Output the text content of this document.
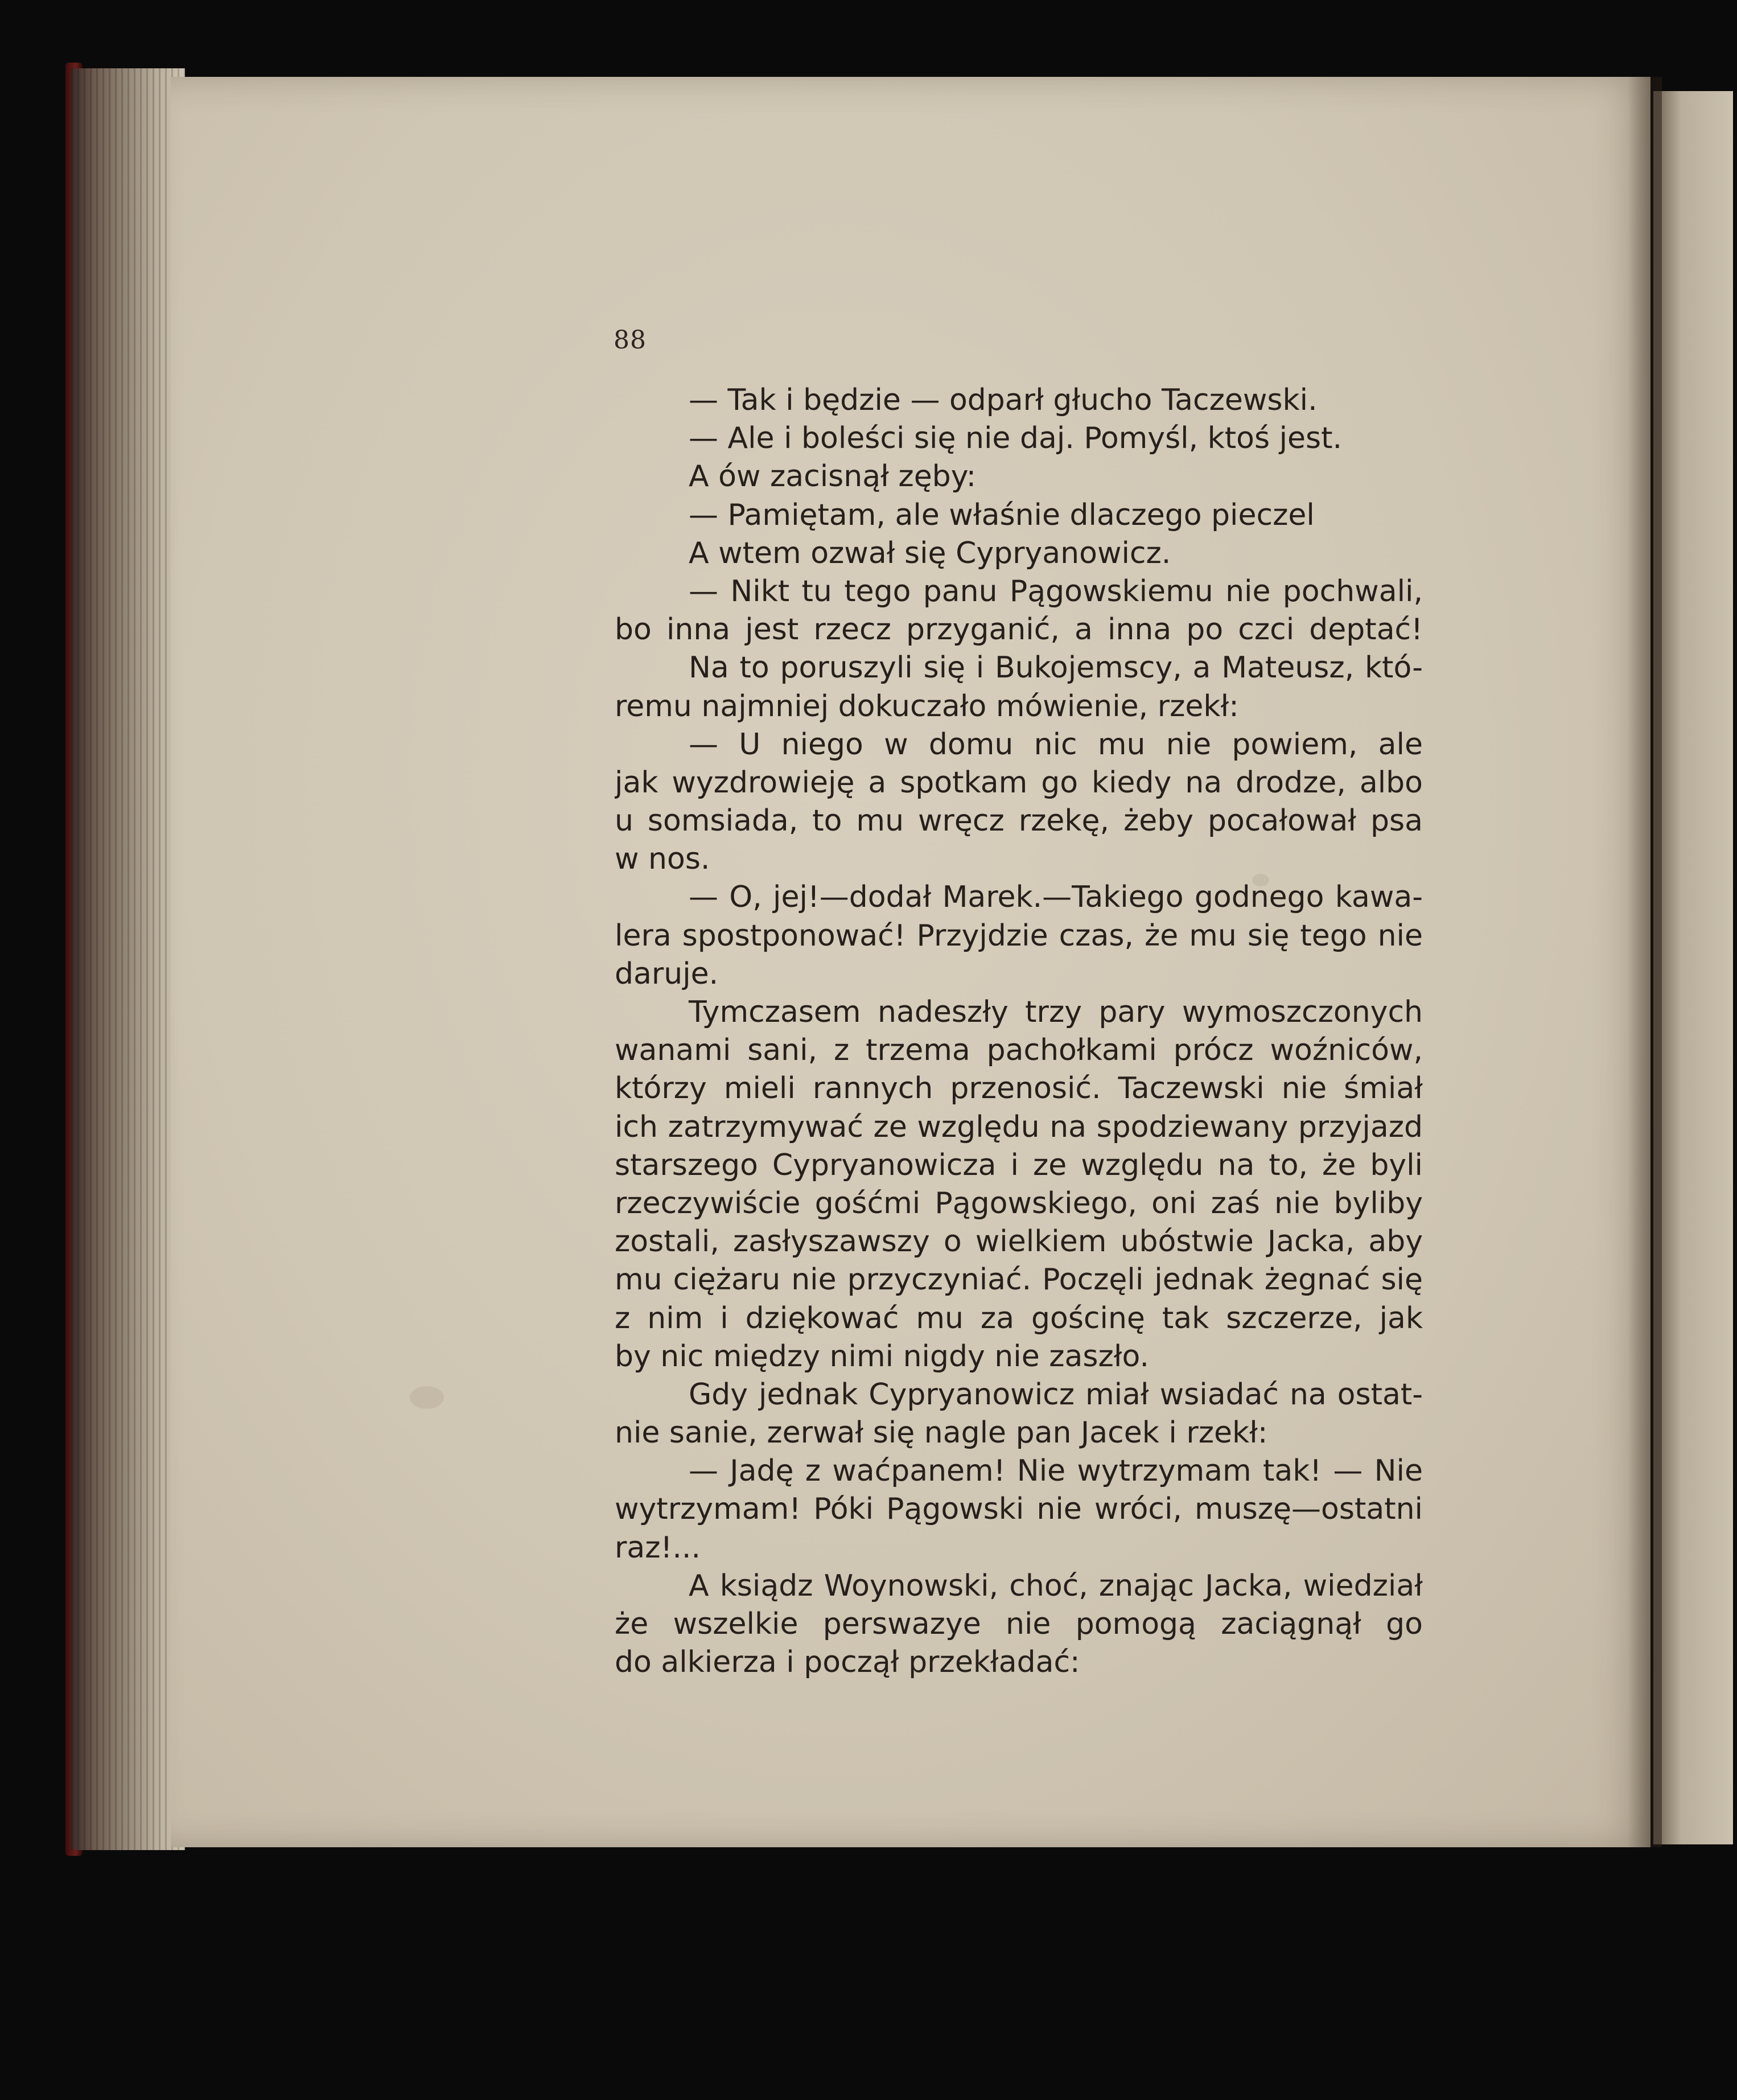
88
— Tak i będzie — odparł głucho Taczewski.
— Ale i boleści się nie daj. Pomyśl, ktoś jest.
A ów zacisnął zęby:
— Pamiętam, ale właśnie dlaczego pieczel
A wtem ozwał się Cypryanowicz.
— Nikt tu tego panu Pągowskiemu nie pochwali,
bo inna jest rzecz przyganić, a inna po czci deptać!
Na to poruszyli się i Bukojemscy, a Mateusz, któ-
remu najmniej dokuczało mówienie, rzekł:
— U niego w domu nic mu nie powiem, ale
jak wyzdrowieję a spotkam go kiedy na drodze, albo
u somsiada, to mu wręcz rzekę, żeby pocałował psa
w nos.
— O, jej!—dodał Marek.—Takiego godnego kawa-
lera spostponować! Przyjdzie czas, że mu się tego nie
daruje.
Tymczasem nadeszły trzy pary wymoszczonych
wanami sani, z trzema pachołkami prócz woźniców,
którzy mieli rannych przenosić. Taczewski nie śmiał
ich zatrzymywać ze względu na spodziewany przyjazd
starszego Cypryanowicza i ze względu na to, że byli
rzeczywiście gośćmi Pągowskiego, oni zaś nie byliby
zostali, zasłyszawszy o wielkiem ubóstwie Jacka, aby
mu ciężaru nie przyczyniać. Poczęli jednak żegnać się
z nim i dziękować mu za gościnę tak szczerze, jak
by nic między nimi nigdy nie zaszło.
Gdy jednak Cypryanowicz miał wsiadać na ostat-
nie sanie, zerwał się nagle pan Jacek i rzekł:
— Jadę z waćpanem! Nie wytrzymam tak! — Nie
wytrzymam! Póki Pągowski nie wróci, muszę—ostatni
raz!...
A ksiądz Woynowski, choć, znając Jacka, wiedział
że wszelkie perswazye nie pomogą zaciągnął go
do alkierza i począł przekładać:
